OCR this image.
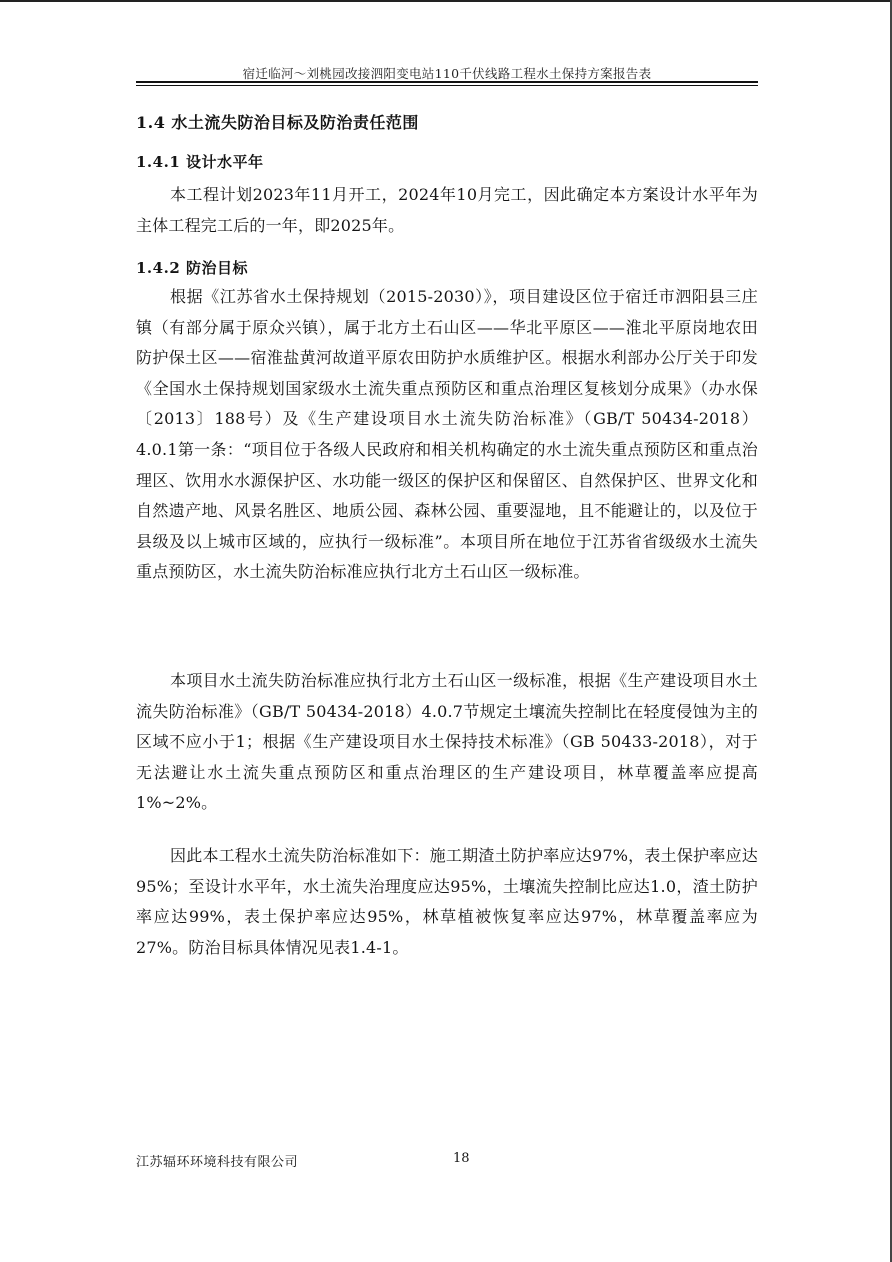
宿迁临河～刘桃园改接泗阳变电站110千伏线路工程水土保持方案报告表
1.4 水土流失防治目标及防治责任范围
1.4.1 设计水平年

本工程计划2023年11月开工，2024年10月完工，因此确定本方案设计水平年为主体工程完工后的一年，即2025年。

1.4.2 防治目标

根据《江苏省水土保持规划（2015-2030）》，项目建设区位于宿迁市泗阳县三庄镇（有部分属于原众兴镇），属于北方土石山区——华北平原区——淮北平原岗地农田防护保土区——宿淮盐黄河故道平原农田防护水质维护区。根据水利部办公厅关于印发《全国水土保持规划国家级水土流失重点预防区和重点治理区复核划分成果》（办水保〔2013〕188号）及《生产建设项目水土流失防治标准》（GB/T 50434-2018）4.0.1第一条：“项目位于各级人民政府和相关机构确定的水土流失重点预防区和重点治理区、饮用水水源保护区、水功能一级区的保护区和保留区、自然保护区、世界文化和自然遗产地、风景名胜区、地质公园、森林公园、重要湿地，且不能避让的，以及位于县级及以上城市区域的，应执行一级标准”。本项目所在地位于江苏省省级级水土流失重点预防区，水土流失防治标准应执行北方土石山区一级标准。

本项目水土流失防治标准应执行北方土石山区一级标准，根据《生产建设项目水土流失防治标准》（GB/T 50434-2018）4.0.7节规定土壤流失控制比在轻度侵蚀为主的区域不应小于1；根据《生产建设项目水土保持技术标准》（GB 50433-2018），对于无法避让水土流失重点预防区和重点治理区的生产建设项目，林草覆盖率应提高1%~2%。

因此本工程水土流失防治标准如下：施工期渣土防护率应达97%，表土保护率应达95%；至设计水平年，水土流失治理度应达95%，土壤流失控制比应达1.0，渣土防护率应达99%，表土保护率应达95%，林草植被恢复率应达97%，林草覆盖率应为27%。防治目标具体情况见表1.4-1。

江苏辐环环境科技有限公司	18
